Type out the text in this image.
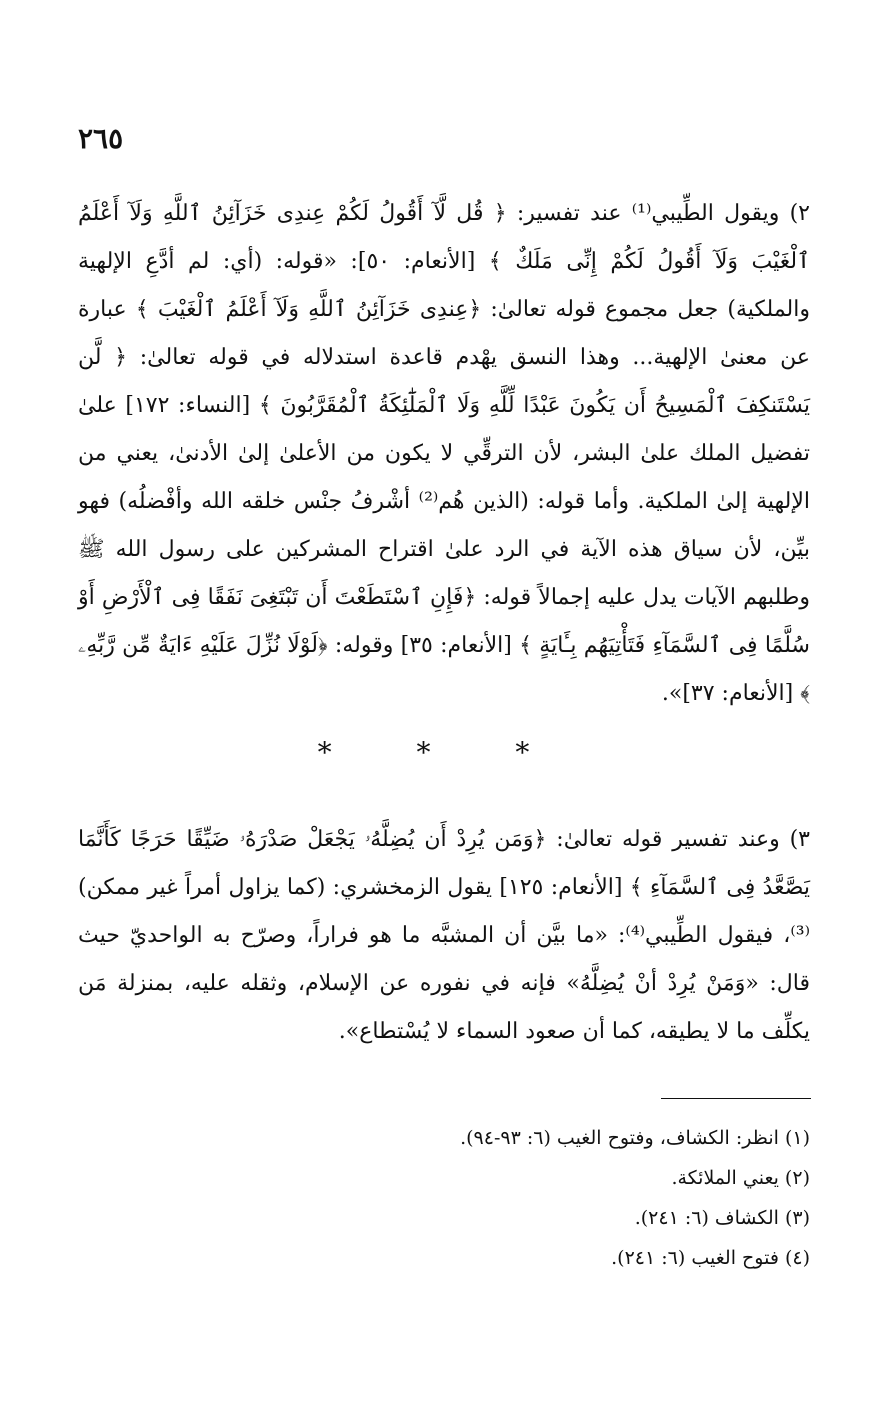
٢٦٥
٢) ويقول الطِّيبي⁽¹⁾ عند تفسير: ﴿ قُل لَّآ أَقُولُ لَكُمْ عِندِى خَزَآئِنُ ٱللَّهِ وَلَآ أَعْلَمُ ٱلْغَيْبَ وَلَآ أَقُولُ لَكُمْ إِنِّى مَلَكٌ ﴾ [الأنعام: ٥٠]: «قوله: (أي: لم أدَّعِ الإلهية والملكية) جعل مجموع قوله تعالىٰ: ﴿عِندِى خَزَآئِنُ ٱللَّهِ وَلَآ أَعْلَمُ ٱلْغَيْبَ ﴾ عبارة عن معنىٰ الإلهية... وهذا النسق يهْدم قاعدة استدلاله في قوله تعالىٰ: ﴿ لَّن يَسْتَنكِفَ ٱلْمَسِيحُ أَن يَكُونَ عَبْدًا لِّلَّهِ وَلَا ٱلْمَلَٰٓئِكَةُ ٱلْمُقَرَّبُونَ ﴾ [النساء: ١٧٢] علىٰ تفضيل الملك علىٰ البشر، لأن الترقِّي لا يكون من الأعلىٰ إلىٰ الأدنىٰ، يعني من الإلهية إلىٰ الملكية. وأما قوله: (الذين هُم⁽²⁾ أشْرفُ جنْس خلقه الله وأفْضلُه) فهو بيِّن، لأن سياق هذه الآية في الرد علىٰ اقتراح المشركين على رسول الله ﷺ وطلبهم الآيات يدل عليه إجمالاً قوله: ﴿فَإِنِ ٱسْتَطَعْتَ أَن تَبْتَغِىَ نَفَقًا فِى ٱلْأَرْضِ أَوْ سُلَّمًا فِى ٱلسَّمَآءِ فَتَأْتِيَهُم بِـَٔايَةٍ ﴾ [الأنعام: ٣٥] وقوله: ﴿لَوْلَا نُزِّلَ عَلَيْهِ ءَايَةٌ مِّن رَّبِّهِۦ ﴾ [الأنعام: ٣٧]».
* * *
٣) وعند تفسير قوله تعالىٰ: ﴿وَمَن يُرِدْ أَن يُضِلَّهُۥ يَجْعَلْ صَدْرَهُۥ ضَيِّقًا حَرَجًا كَأَنَّمَا يَصَّعَّدُ فِى ٱلسَّمَآءِ ﴾ [الأنعام: ١٢٥] يقول الزمخشري: (كما يزاول أمراً غير ممكن)⁽³⁾، فيقول الطِّيبي⁽⁴⁾: «ما بيَّن أن المشبَّه ما هو فراراً، وصرّح به الواحديّ حيث قال: «وَمَنْ يُرِدْ أنْ يُضِلَّهُ» فإنه في نفوره عن الإسلام، وثقله عليه، بمنزلة مَن يكلِّف ما لا يطيقه، كما أن صعود السماء لا يُسْتطاع».
(١) انظر: الكشاف، وفتوح الغيب (٦: ٩٣-٩٤).
(٢) يعني الملائكة.
(٣) الكشاف (٦: ٢٤١).
(٤) فتوح الغيب (٦: ٢٤١).
